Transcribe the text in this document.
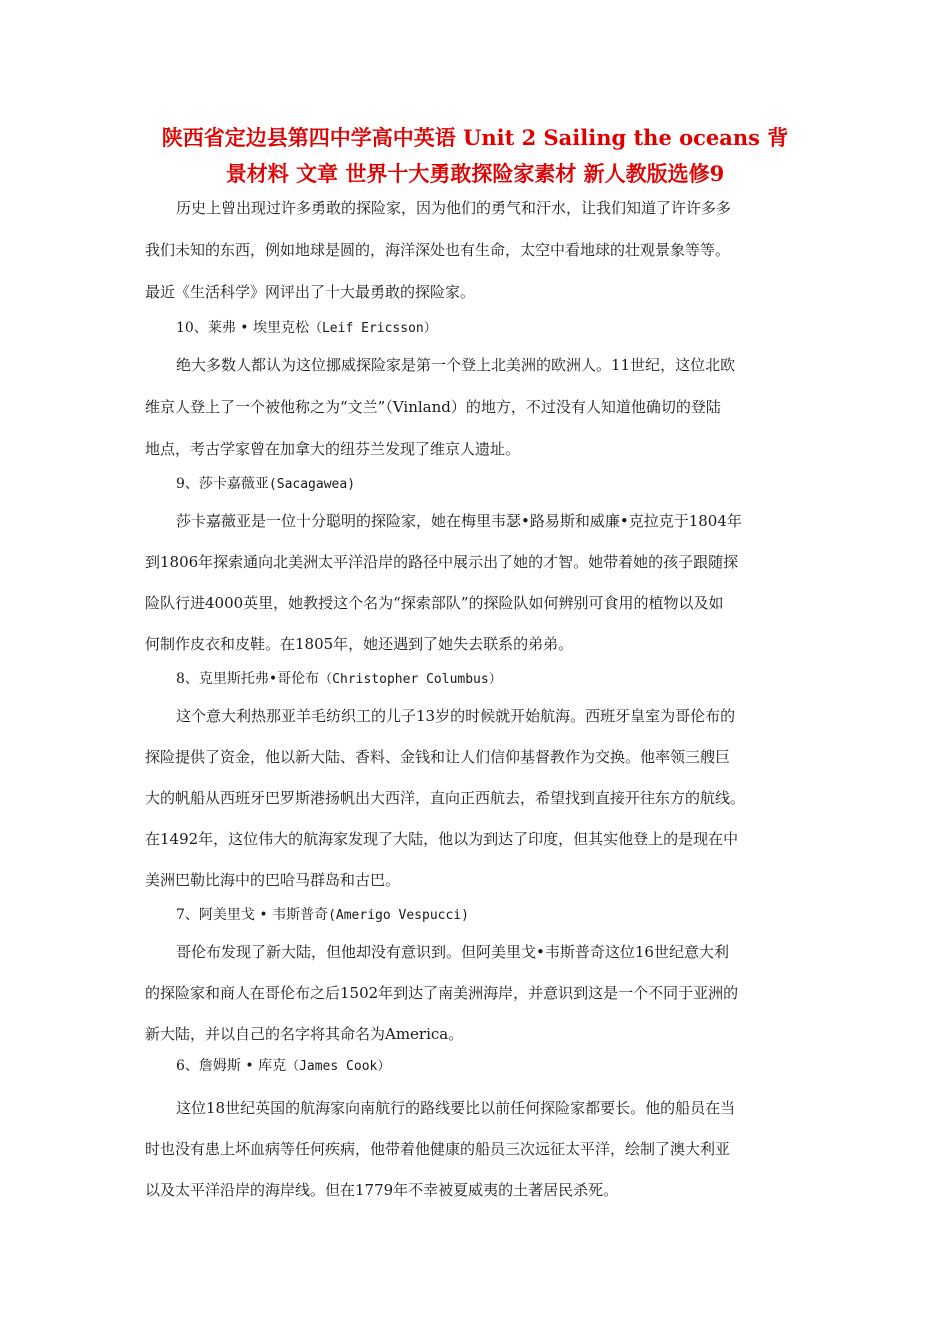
陕西省定边县第四中学高中英语 Unit 2 Sailing the oceans 背
景材料 文章 世界十大勇敢探险家素材 新人教版选修9
历史上曾出现过许多勇敢的探险家，因为他们的勇气和汗水，让我们知道了许许多多
我们未知的东西，例如地球是圆的，海洋深处也有生命，太空中看地球的壮观景象等等。
最近《生活科学》网评出了十大最勇敢的探险家。
10、莱弗 • 埃里克松（Leif Ericsson）
绝大多数人都认为这位挪威探险家是第一个登上北美洲的欧洲人。11世纪，这位北欧
维京人登上了一个被他称之为“文兰”（Vinland）的地方，不过没有人知道他确切的登陆
地点，考古学家曾在加拿大的纽芬兰发现了维京人遗址。
9、莎卡嘉薇亚(Sacagawea)
莎卡嘉薇亚是一位十分聪明的探险家，她在梅里韦瑟•路易斯和威廉•克拉克于1804年
到1806年探索通向北美洲太平洋沿岸的路径中展示出了她的才智。她带着她的孩子跟随探
险队行进4000英里，她教授这个名为“探索部队”的探险队如何辨别可食用的植物以及如
何制作皮衣和皮鞋。在1805年，她还遇到了她失去联系的弟弟。
8、克里斯托弗•哥伦布（Christopher Columbus）
这个意大利热那亚羊毛纺织工的儿子13岁的时候就开始航海。西班牙皇室为哥伦布的
探险提供了资金，他以新大陆、香料、金钱和让人们信仰基督教作为交换。他率领三艘巨
大的帆船从西班牙巴罗斯港扬帆出大西洋，直向正西航去，希望找到直接开往东方的航线。
在1492年，这位伟大的航海家发现了大陆，他以为到达了印度，但其实他登上的是现在中
美洲巴勒比海中的巴哈马群岛和古巴。
7、阿美里戈 • 韦斯普奇(Amerigo Vespucci)
哥伦布发现了新大陆，但他却没有意识到。但阿美里戈•韦斯普奇这位16世纪意大利
的探险家和商人在哥伦布之后1502年到达了南美洲海岸，并意识到这是一个不同于亚洲的
新大陆，并以自己的名字将其命名为America。
6、詹姆斯 • 库克（James Cook）
这位18世纪英国的航海家向南航行的路线要比以前任何探险家都要长。他的船员在当
时也没有患上坏血病等任何疾病，他带着他健康的船员三次远征太平洋，绘制了澳大利亚
以及太平洋沿岸的海岸线。但在1779年不幸被夏威夷的土著居民杀死。
